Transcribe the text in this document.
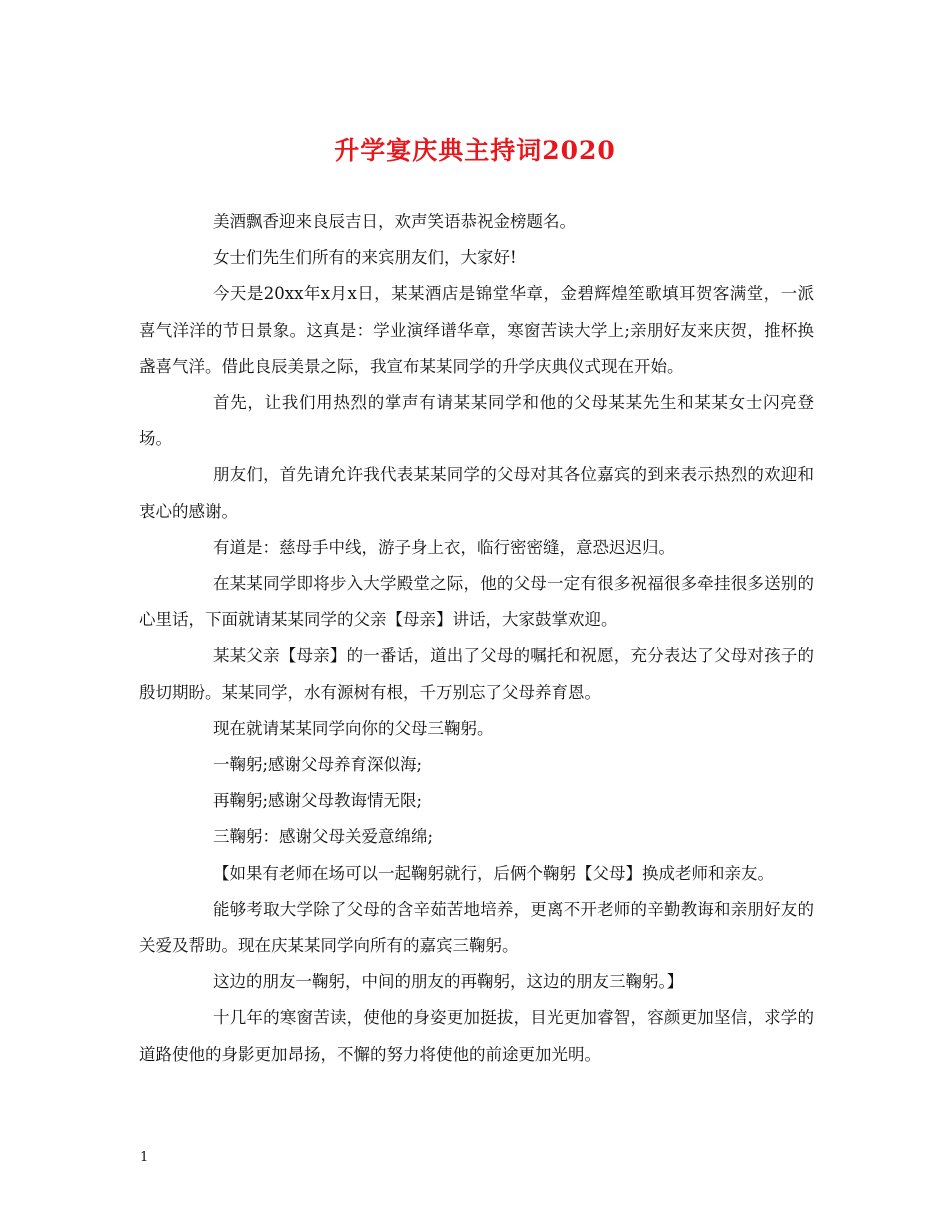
升学宴庆典主持词2020

美酒飘香迎来良辰吉日，欢声笑语恭祝金榜题名。

女士们先生们所有的来宾朋友们，大家好!

今天是20xx年x月x日，某某酒店是锦堂华章，金碧辉煌笙歌填耳贺客满堂，一派喜气洋洋的节日景象。这真是：学业演绎谱华章，寒窗苦读大学上;亲朋好友来庆贺，推杯换盏喜气洋。借此良辰美景之际，我宣布某某同学的升学庆典仪式现在开始。

首先，让我们用热烈的掌声有请某某同学和他的父母某某先生和某某女士闪亮登场。

朋友们，首先请允许我代表某某同学的父母对其各位嘉宾的到来表示热烈的欢迎和衷心的感谢。

有道是：慈母手中线，游子身上衣，临行密密缝，意恐迟迟归。

在某某同学即将步入大学殿堂之际，他的父母一定有很多祝福很多牵挂很多送别的心里话，下面就请某某同学的父亲【母亲】讲话，大家鼓掌欢迎。

某某父亲【母亲】的一番话，道出了父母的嘱托和祝愿，充分表达了父母对孩子的殷切期盼。某某同学，水有源树有根，千万别忘了父母养育恩。

现在就请某某同学向你的父母三鞠躬。

一鞠躬;感谢父母养育深似海;

再鞠躬;感谢父母教诲情无限;

三鞠躬：感谢父母关爱意绵绵;

【如果有老师在场可以一起鞠躬就行，后俩个鞠躬【父母】换成老师和亲友。

能够考取大学除了父母的含辛茹苦地培养，更离不开老师的辛勤教诲和亲朋好友的关爱及帮助。现在庆某某同学向所有的嘉宾三鞠躬。

这边的朋友一鞠躬，中间的朋友的再鞠躬，这边的朋友三鞠躬。】

十几年的寒窗苦读，使他的身姿更加挺拔，目光更加睿智，容颜更加坚信，求学的道路使他的身影更加昂扬，不懈的努力将使他的前途更加光明。

1
